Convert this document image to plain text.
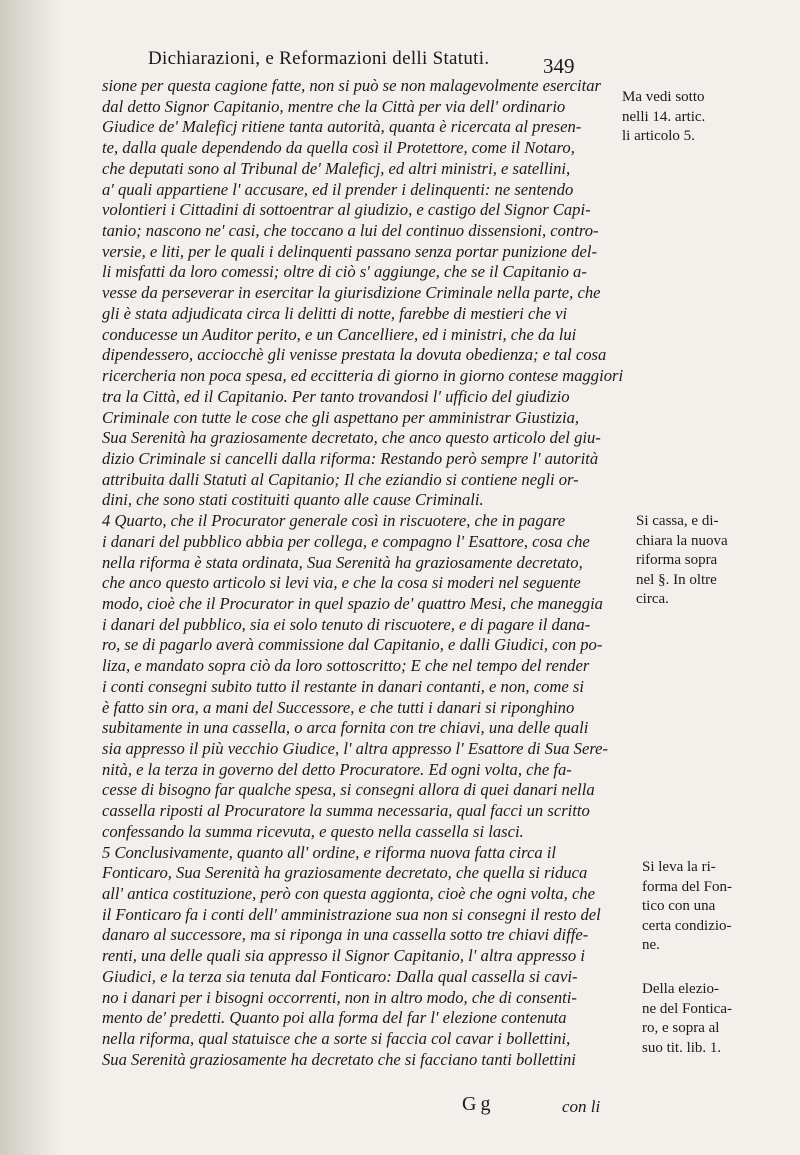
Dichiarazioni, e Reformazioni delli Statuti.	349
sione per questa cagione fatte, non si può se non malagevolmente esercitar
dal detto Signor Capitanio, mentre che la Città per via dell' ordinario
Giudice de' Maleficj ritiene tanta autorità, quanta è ricercata al presen-
te, dalla quale dependendo da quella così il Protettore, come il Notaro,
che deputati sono al Tribunal de' Maleficj, ed altri ministri, e satellini,
a' quali appartiene l' accusare, ed il prender i delinquenti: ne sentendo
volontieri i Cittadini di sottoentrar al giudizio, e castigo del Signor Capi-
tanio; nascono ne' casi, che toccano a lui del continuo dissensioni, contro-
versie, e liti, per le quali i delinquenti passano senza portar punizione del-
li misfatti da loro comessi; oltre di ciò s' aggiunge, che se il Capitanio a-
vesse da perseverar in esercitar la giurisdizione Criminale nella parte, che
gli è stata adjudicata circa li delitti di notte, farebbe di mestieri che vi
conducesse un Auditor perito, e un Cancelliere, ed i ministri, che da lui
dipendessero, acciocchè gli venisse prestata la dovuta obedienza; e tal cosa
ricercheria non poca spesa, ed eccitteria di giorno in giorno contese maggiori
tra la Città, ed il Capitanio. Per tanto trovandosi l' ufficio del giudizio
Criminale con tutte le cose che gli aspettano per amministrar Giustizia,
Sua Serenità ha graziosamente decretato, che anco questo articolo del giu-
dizio Criminale si cancelli dalla riforma: Restando però sempre l' autorità
attribuita dalli Statuti al Capitanio; Il che eziandio si contiene negli or-
dini, che sono stati costituiti quanto alle cause Criminali.
4 Quarto, che il Procurator generale così in riscuotere, che in pagare
i danari del pubblico abbia per collega, e compagno l' Esattore, cosa che
nella riforma è stata ordinata, Sua Serenità ha graziosamente decretato,
che anco questo articolo si levi via, e che la cosa si moderi nel seguente
modo, cioè che il Procurator in quel spazio de' quattro Mesi, che maneggia
i danari del pubblico, sia ei solo tenuto di riscuotere, e di pagare il dana-
ro, se di pagarlo averà commissione dal Capitanio, e dalli Giudici, con po-
liza, e mandato sopra ciò da loro sottoscritto; E che nel tempo del render
i conti consegni subito tutto il restante in danari contanti, e non, come si
è fatto sin ora, a mani del Successore, e che tutti i danari si riponghino
subitamente in una cassella, o arca fornita con tre chiavi, una delle quali
sia appresso il più vecchio Giudice, l' altra appresso l' Esattore di Sua Sere-
nità, e la terza in governo del detto Procuratore. Ed ogni volta, che fa-
cesse di bisogno far qualche spesa, si consegni allora di quei danari nella
cassella riposti al Procuratore la summa necessaria, qual facci un scritto
confessando la summa ricevuta, e questo nella cassella si lasci.
5 Conclusivamente, quanto all' ordine, e riforma nuova fatta circa il
Fonticaro, Sua Serenità ha graziosamente decretato, che quella si riduca
all' antica costituzione, però con questa aggionta, cioè che ogni volta, che
il Fonticaro fa i conti dell' amministrazione sua non si consegni il resto del
danaro al successore, ma si riponga in una cassella sotto tre chiavi diffe-
renti, una delle quali sia appresso il Signor Capitanio, l' altra appresso i
Giudici, e la terza sia tenuta dal Fonticaro: Dalla qual cassella si cavi-
no i danari per i bisogni occorrenti, non in altro modo, che di consenti-
mento de' predetti. Quanto poi alla forma del far l' elezione contenuta
nella riforma, qual statuisce che a sorte si faccia col cavar i bollettini,
Sua Serenità graziosamente ha decretato che si facciano tanti bollettini
Ma vedi sotto
nelli 14. artic.
li articolo 5.
Si cassa, e di-
chiara la nuova
riforma sopra
nel §. In oltre
circa.
Si leva la ri-
forma del Fon-
tico con una
certa condizio-
ne.
Della elezio-
ne del Fontica-
ro, e sopra al
suo tit. lib. 1.
Gg	con li
